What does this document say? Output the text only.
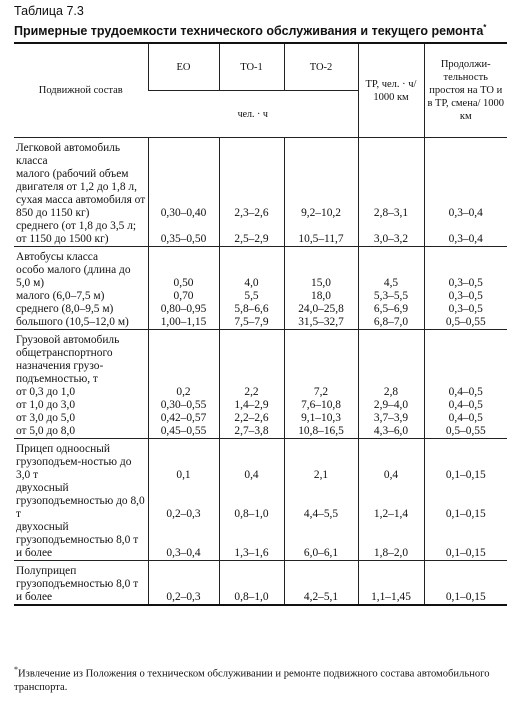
Таблица 7.3
Примерные трудоемкости технического обслуживания и текущего ремонта*
Подвижной состав	ЕО	ТО-1	ТО-2	ТР, чел. · ч/ 1000 км	Продолжи-тельность простоя на ТО и в ТР, смена/ 1000 км
	чел. · ч				
Легковой автомобиль класса					
малого (рабочий объем двигателя от 1,2 до 1,8 л, сухая масса автомобиля от 850 до 1150 кг)	0,30–0,40	2,3–2,6	9,2–10,2	2,8–3,1	0,3–0,4
среднего (от 1,8 до 3,5 л; от 1150 до 1500 кг)	0,35–0,50	2,5–2,9	10,5–11,7	3,0–3,2	0,3–0,4
Автобусы класса					
особо малого (длина до 5,0 м)	0,50	4,0	15,0	4,5	0,3–0,5
малого (6,0–7,5 м)	0,70	5,5	18,0	5,3–5,5	0,3–0,5
среднего (8,0–9,5 м)	0,80–0,95	5,8–6,6	24,0–25,8	6,5–6,9	0,3–0,5
большого (10,5–12,0 м)	1,00–1,15	7,5–7,9	31,5–32,7	6,8–7,0	0,5–0,55
Грузовой автомобиль общетранспортного назначения грузо-подъемностью, т					
от 0,3 до 1,0	0,2	2,2	7,2	2,8	0,4–0,5
от 1,0 до 3,0	0,30–0,55	1,4–2,9	7,6–10,8	2,9–4,0	0,4–0,5
от 3,0 до 5,0	0,42–0,57	2,2–2,6	9,1–10,3	3,7–3,9	0,4–0,5
от 5,0 до 8,0	0,45–0,55	2,7–3,8	10,8–16,5	4,3–6,0	0,5–0,55
Прицеп одноосный					
грузоподъем-ностью до 3,0 т	0,1	0,4	2,1	0,4	0,1–0,15
двухосный грузоподъемностью до 8,0 т	0,2–0,3	0,8–1,0	4,4–5,5	1,2–1,4	0,1–0,15
двухосный грузоподъемностью 8,0 т и более	0,3–0,4	1,3–1,6	6,0–6,1	1,8–2,0	0,1–0,15
Полуприцеп					
грузоподъемностью 8,0 т и более	0,2–0,3	0,8–1,0	4,2–5,1	1,1–1,45	0,1–0,15
*Извлечение из Положения о техническом обслуживании и ремонте подвижного состава автомобильного транспорта.
